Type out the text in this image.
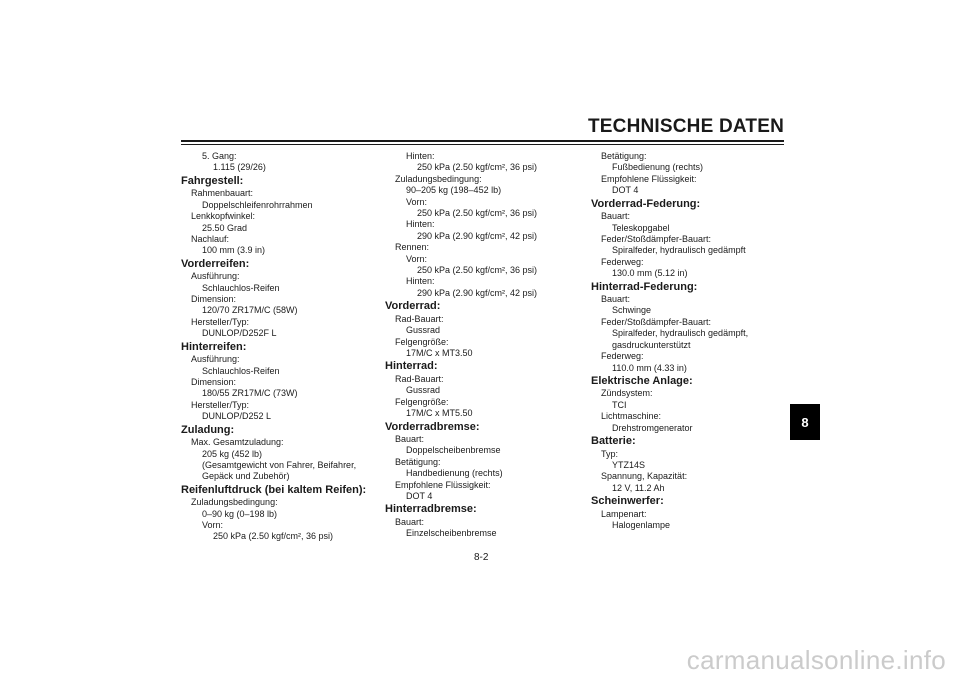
TECHNISCHE DATEN
5. Gang:
1.115 (29/26)
Fahrgestell:
Rahmenbauart:
Doppelschleifenrohrrahmen
Lenkkopfwinkel:
25.50 Grad
Nachlauf:
100 mm (3.9 in)
Vorderreifen:
Ausführung:
Schlauchlos-Reifen
Dimension:
120/70 ZR17M/C (58W)
Hersteller/Typ:
DUNLOP/D252F L
Hinterreifen:
Ausführung:
Schlauchlos-Reifen
Dimension:
180/55 ZR17M/C (73W)
Hersteller/Typ:
DUNLOP/D252 L
Zuladung:
Max. Gesamtzuladung:
205 kg (452 lb)
(Gesamtgewicht von Fahrer, Beifahrer,
Gepäck und Zubehör)
Reifenluftdruck (bei kaltem Reifen):
Zuladungsbedingung:
0–90 kg (0–198 lb)
Vorn:
250 kPa (2.50 kgf/cm², 36 psi)
Hinten:
250 kPa (2.50 kgf/cm², 36 psi)
Zuladungsbedingung:
90–205 kg (198–452 lb)
Vorn:
250 kPa (2.50 kgf/cm², 36 psi)
Hinten:
290 kPa (2.90 kgf/cm², 42 psi)
Rennen:
Vorn:
250 kPa (2.50 kgf/cm², 36 psi)
Hinten:
290 kPa (2.90 kgf/cm², 42 psi)
Vorderrad:
Rad-Bauart:
Gussrad
Felgengröße:
17M/C x MT3.50
Hinterrad:
Rad-Bauart:
Gussrad
Felgengröße:
17M/C x MT5.50
Vorderradbremse:
Bauart:
Doppelscheibenbremse
Betätigung:
Handbedienung (rechts)
Empfohlene Flüssigkeit:
DOT 4
Hinterradbremse:
Bauart:
Einzelscheibenbremse
Betätigung:
Fußbedienung (rechts)
Empfohlene Flüssigkeit:
DOT 4
Vorderrad-Federung:
Bauart:
Teleskopgabel
Feder/Stoßdämpfer-Bauart:
Spiralfeder, hydraulisch gedämpft
Federweg:
130.0 mm (5.12 in)
Hinterrad-Federung:
Bauart:
Schwinge
Feder/Stoßdämpfer-Bauart:
Spiralfeder, hydraulisch gedämpft,
gasdruckunterstützt
Federweg:
110.0 mm (4.33 in)
Elektrische Anlage:
Zündsystem:
TCI
Lichtmaschine:
Drehstromgenerator
Batterie:
Typ:
YTZ14S
Spannung, Kapazität:
12 V, 11.2 Ah
Scheinwerfer:
Lampenart:
Halogenlampe
8
8-2
carmanualsonline.info
